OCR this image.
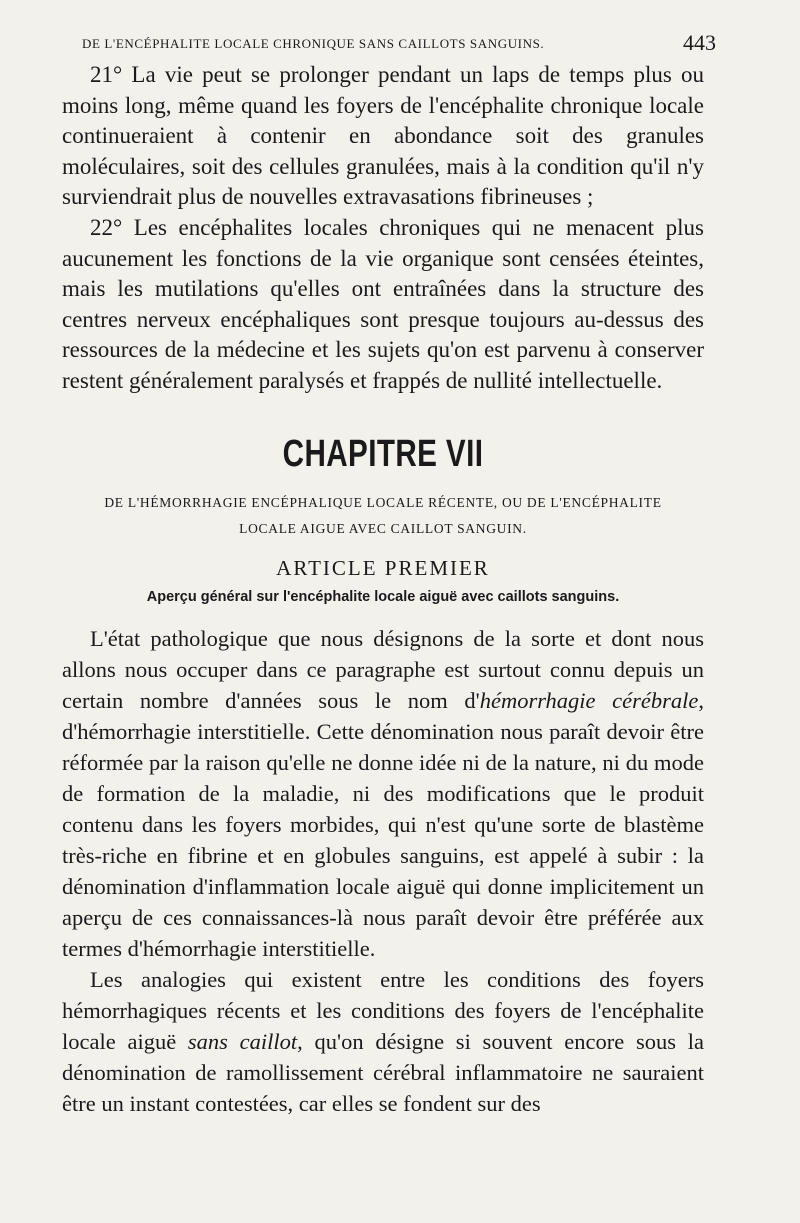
DE L'ENCÉPHALITE LOCALE CHRONIQUE SANS CAILLOTS SANGUINS.	443

21° La vie peut se prolonger pendant un laps de temps plus ou moins long, même quand les foyers de l'encéphalite chronique locale continueraient à contenir en abondance soit des granules moléculaires, soit des cellules granulées, mais à la condition qu'il n'y surviendrait plus de nouvelles extravasations fibrineuses ;

22° Les encéphalites locales chroniques qui ne menacent plus aucunement les fonctions de la vie organique sont censées éteintes, mais les mutilations qu'elles ont entraînées dans la structure des centres nerveux encéphaliques sont presque toujours au-dessus des ressources de la médecine et les sujets qu'on est parvenu à conserver restent généralement paralysés et frappés de nullité intellectuelle.

CHAPITRE VII
DE L'HÉMORRHAGIE ENCÉPHALIQUE LOCALE RÉCENTE, OU DE L'ENCÉPHALITE
LOCALE AIGUE AVEC CAILLOT SANGUIN.
ARTICLE PREMIER
Aperçu général sur l'encéphalite locale aiguë avec caillots sanguins.

L'état pathologique que nous désignons de la sorte et dont nous allons nous occuper dans ce paragraphe est surtout connu depuis un certain nombre d'années sous le nom d'hémorrhagie cérébrale, d'hémorrhagie interstitielle. Cette dénomination nous paraît devoir être réformée par la raison qu'elle ne donne idée ni de la nature, ni du mode de formation de la maladie, ni des modifications que le produit contenu dans les foyers morbides, qui n'est qu'une sorte de blastème très-riche en fibrine et en globules sanguins, est appelé à subir : la dénomination d'inflammation locale aiguë qui donne implicitement un aperçu de ces connaissances-là nous paraît devoir être préférée aux termes d'hémorrhagie interstitielle.

Les analogies qui existent entre les conditions des foyers hémorrhagiques récents et les conditions des foyers de l'encéphalite locale aiguë sans caillot, qu'on désigne si souvent encore sous la dénomination de ramollissement cérébral inflammatoire ne sauraient être un instant contestées, car elles se fondent sur des
